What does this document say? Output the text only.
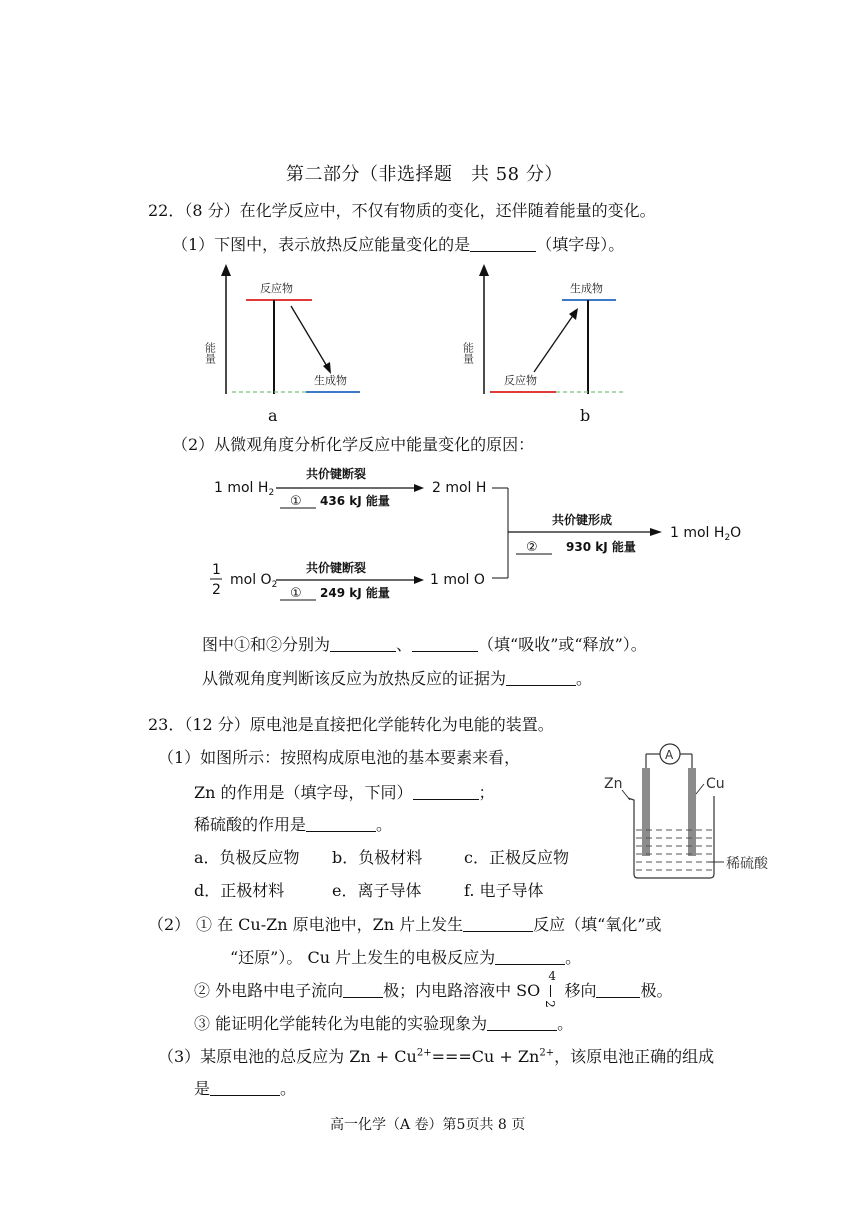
第二部分（非选择题　共 58 分）
22．（8 分）在化学反应中，不仅有物质的变化，还伴随着能量的变化。
（1）下图中，表示放热反应能量变化的是	（填字母）。
能量
反应物
生成物
a
能量
生成物
反应物
b
（2）从微观角度分析化学反应中能量变化的原因：
1 mol $H_2$	2 mol H
1 mol O
1 mol $H_2O$
1
2
mol $O_2$
共价键断裂
① 436 kJ 能量
共价键断裂
① 249 kJ 能量
共价键形成
② 930 kJ 能量
图中①和②分别为	、	（填“吸收”或“释放”）。
从微观角度判断该反应为放热反应的证据为	。
23．（12 分）原电池是直接把化学能转化为电能的装置。
（1）如图所示：按照构成原电池的基本要素来看，
Zn 的作用是（填字母，下同）	；
稀硫酸的作用是	。
a．负极反应物 b．负极材料	c．正极反应物
d．正极材料	e．离子导体	f. 电子导体
A
Zn	Cu
稀硫酸
（2） ① 在 Cu-Zn 原电池中，Zn 片上发生	反应（填“氧化”或
“还原”）。 Cu 片上发生的电极反应为	。
② 外电路中电子流向	极；内电路溶液中 SO
4
2
移向	极。
③ 能证明化学能转化为电能的实验现象为	。
（3）某原电池的总反应为 $Zn + Cu^{2+}===Cu + Zn^{2+}$，该原电池正确的组成
是	。
高一化学（A 卷）第5页共 8 页
